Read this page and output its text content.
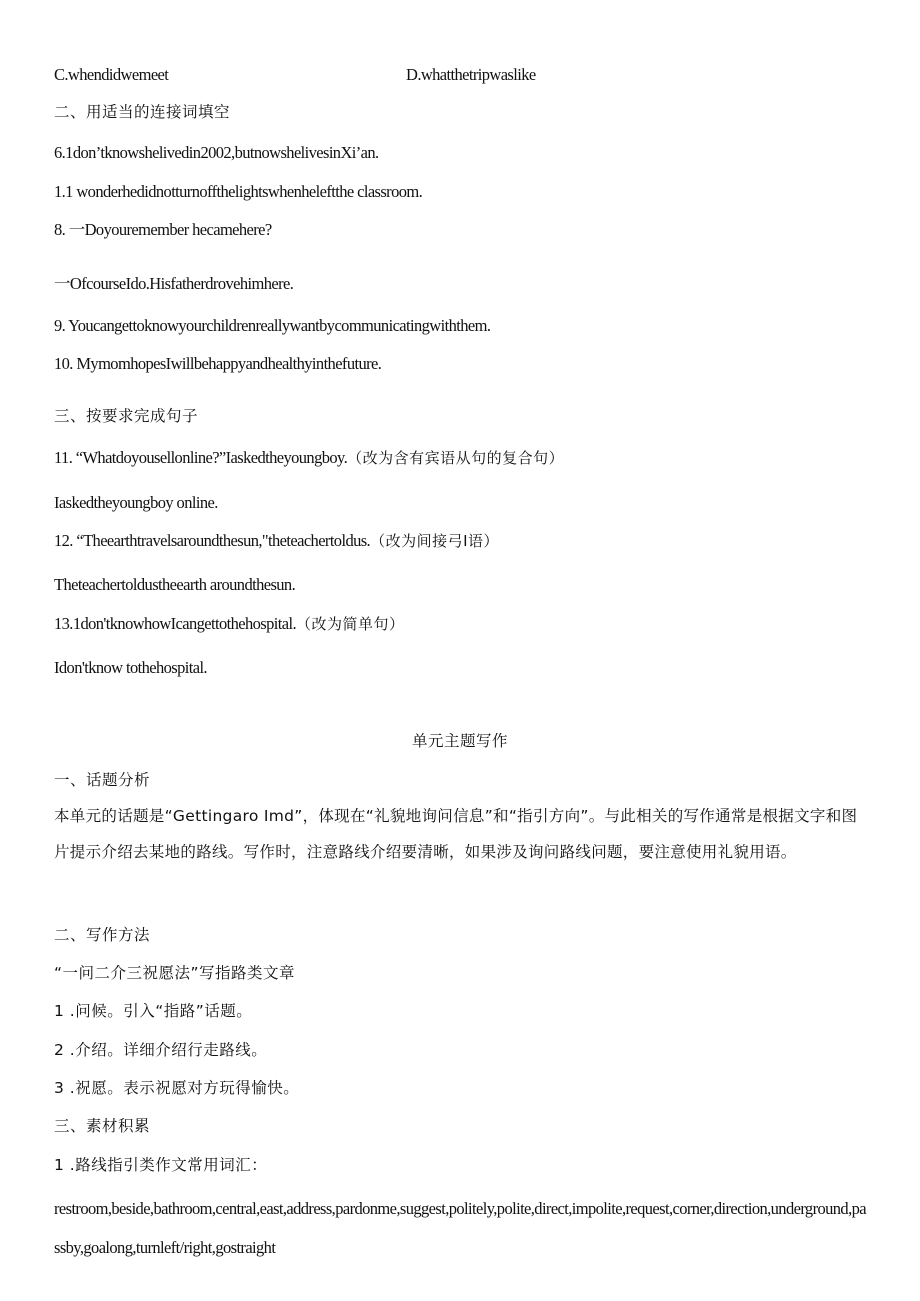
C.whendidwemeet	D.whatthetripwaslike
二、用适当的连接词填空
6.1don’tknowshelivedin2002,butnowshelivesinXi’an.
1.1 wonderhedidnotturnoffthelightswhenheleftthe classroom.
8. 一Doyouremember hecamehere?
一OfcourseIdo.Hisfatherdrovehimhere.
9. Youcangettoknowyourchildrenreallywantbycommunicatingwiththem.
10. MymomhopesIwillbehappyandhealthyinthefuture.
三、按要求完成句子
11. “Whatdoyousellonline?”Iaskedtheyoungboy.（改为含有宾语从句的复合句）
Iaskedtheyoungboy online.
12. “Theearthtravelsaroundthesun,"theteachertoldus.（改为间接弓I语）
Theteachertoldustheearth aroundthesun.
13.1don'tknowhowIcangettothehospital.（改为简单句）
Idon'tknow tothehospital.
单元主题写作
一、话题分析
本单元的话题是“Gettingaro Imd”，体现在“礼貌地询问信息”和“指引方向”。与此相关的写作通常是根据文字和图片提示介绍去某地的路线。写作时，注意路线介绍要清晰，如果涉及询问路线问题，要注意使用礼貌用语。
二、写作方法
“一问二介三祝愿法”写指路类文章
1 .问候。引入“指路”话题。
2 .介绍。详细介绍行走路线。
3 .祝愿。表示祝愿对方玩得愉快。
三、素材积累
1 .路线指引类作文常用词汇：
restroom,beside,bathroom,central,east,address,pardonme,suggest,politely,polite,direct,impolite,request,corner,direction,underground,passby,goalong,turnleft/right,gostraight
